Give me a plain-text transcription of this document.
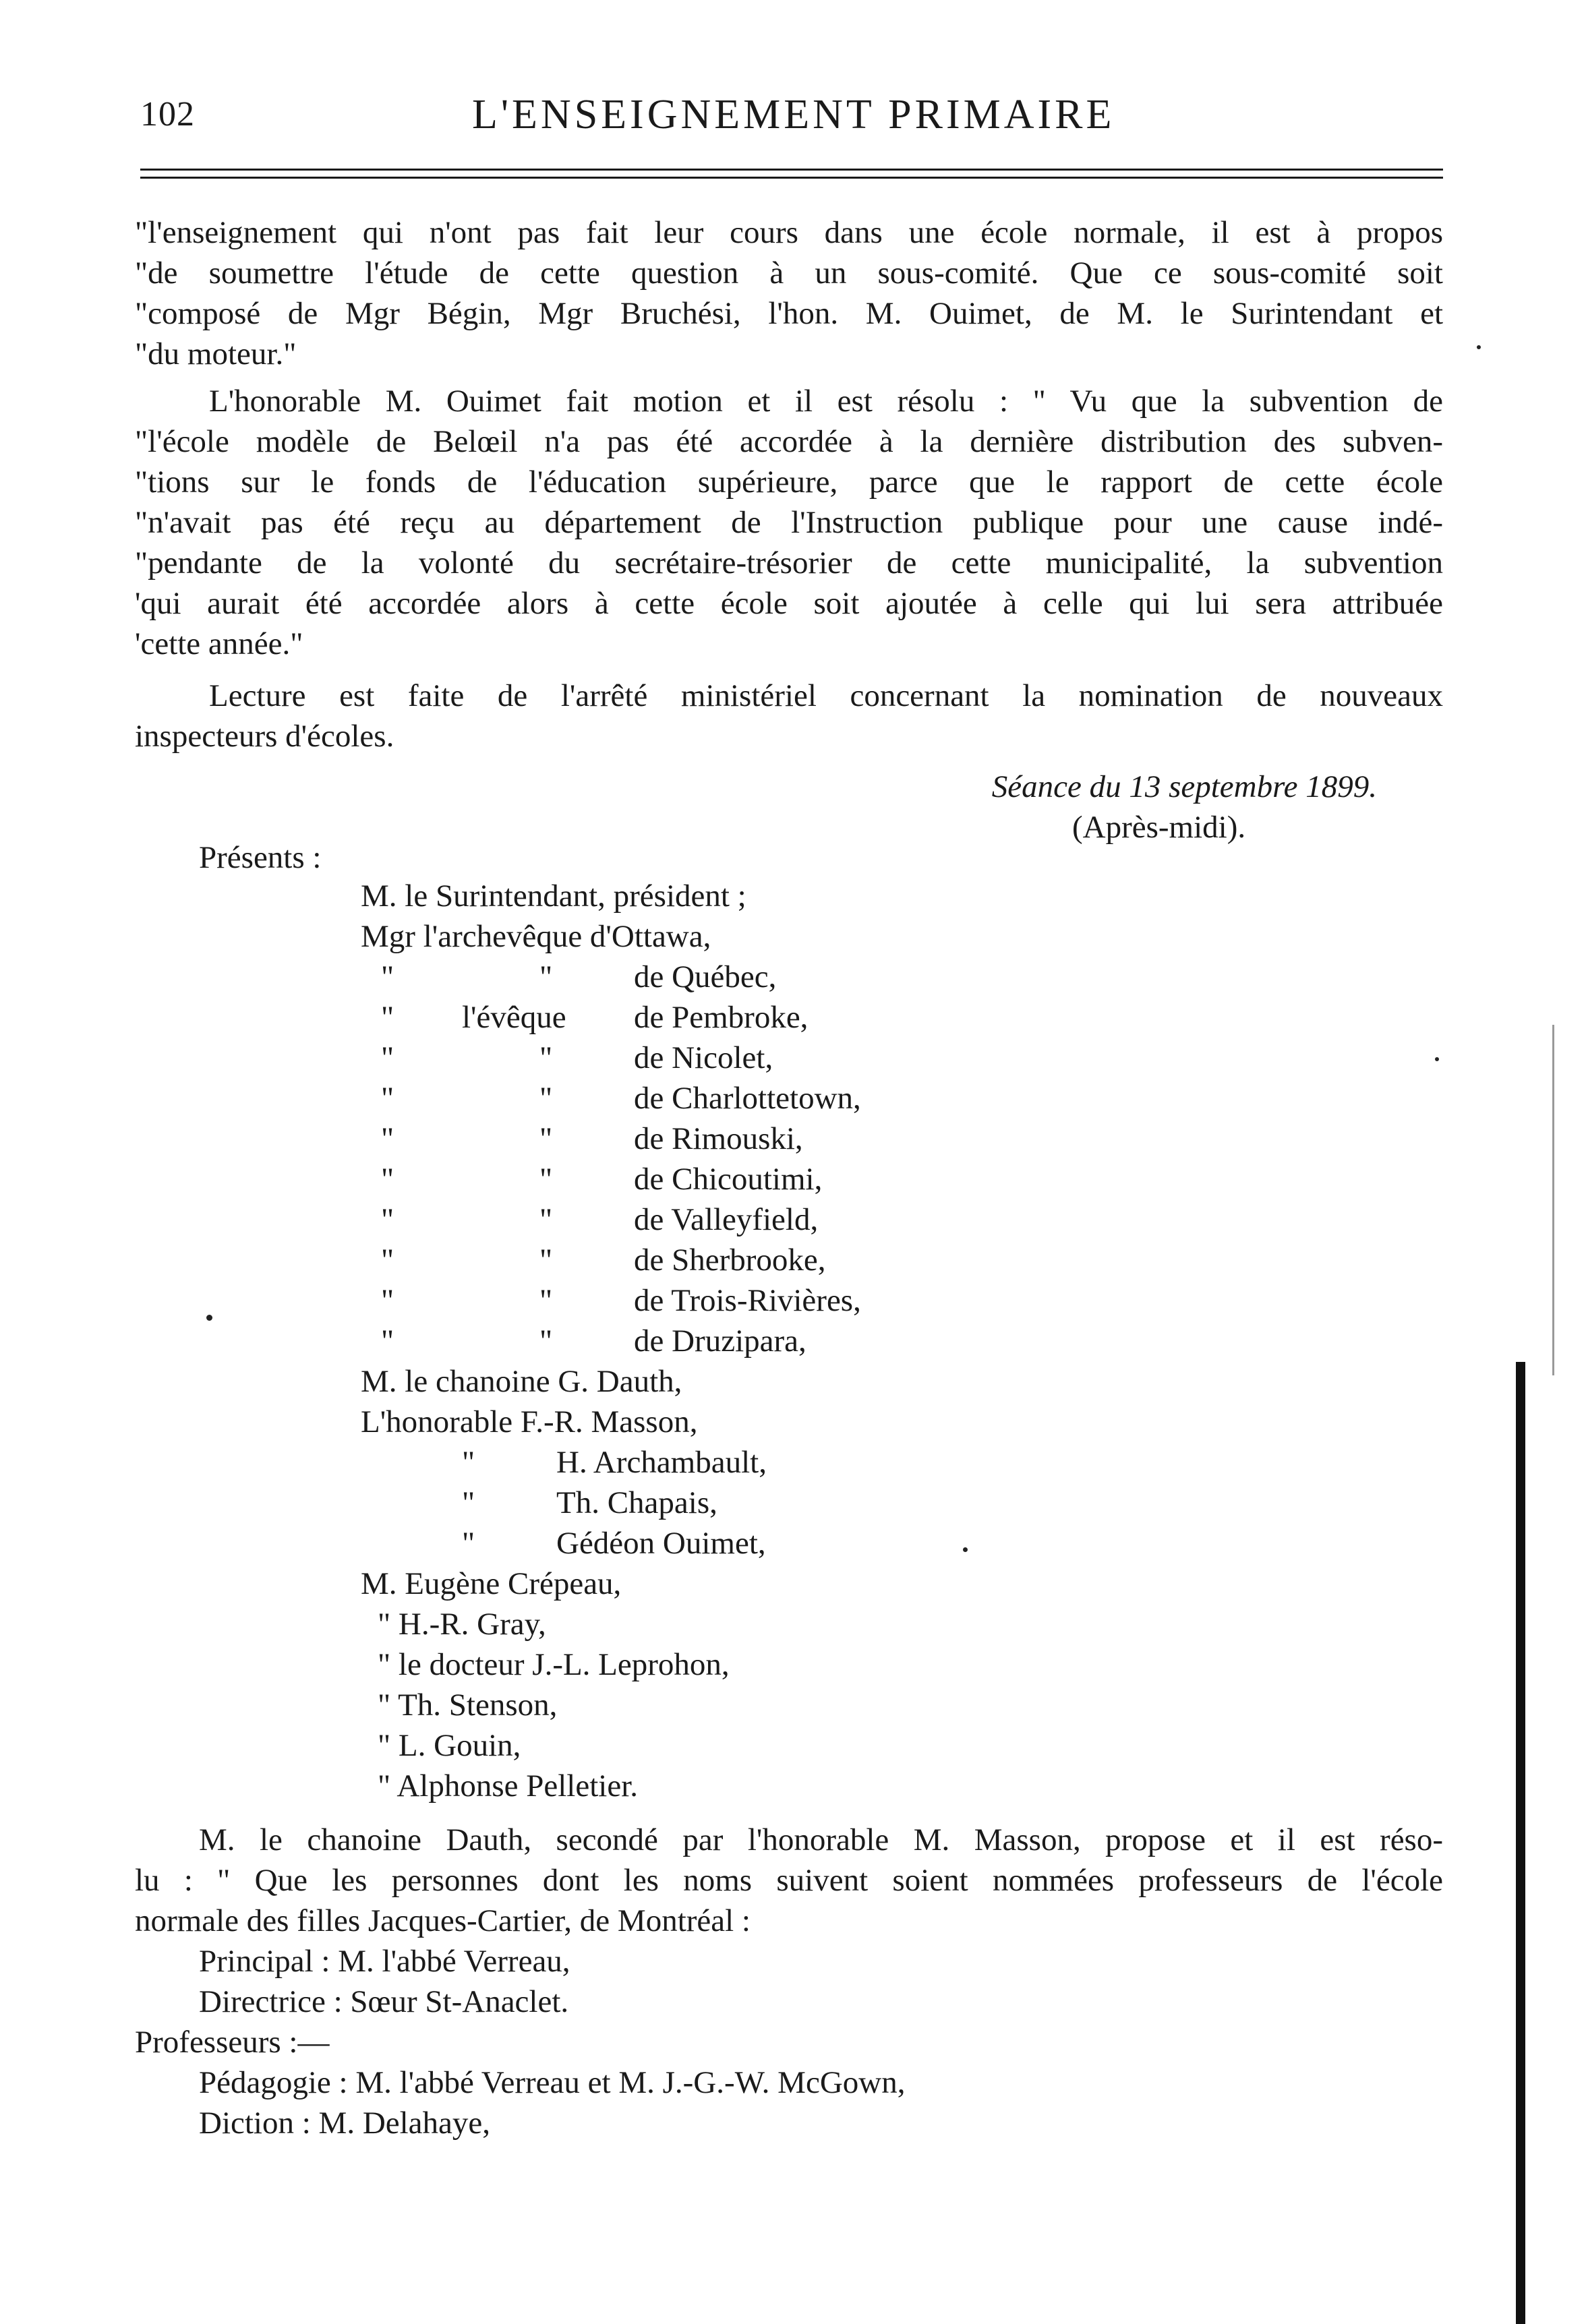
102	L'ENSEIGNEMENT PRIMAIRE
"l'enseignement qui n'ont pas fait leur cours dans une école normale, il est à propos
"de soumettre l'étude de cette question à un sous-comité. Que ce sous-comité soit
"composé de Mgr Bégin, Mgr Bruchési, l'hon. M. Ouimet, de M. le Surintendant et
"du moteur."
L'honorable M. Ouimet fait motion et il est résolu : " Vu que la subvention de
"l'école modèle de Belœil n'a pas été accordée à la dernière distribution des subven-
"tions sur le fonds de l'éducation supérieure, parce que le rapport de cette école
"n'avait pas été reçu au département de l'Instruction publique pour une cause indé-
"pendante de la volonté du secrétaire-trésorier de cette municipalité, la subvention
'qui aurait été accordée alors à cette école soit ajoutée à celle qui lui sera attribuée
'cette année."
Lecture est faite de l'arrêté ministériel concernant la nomination de nouveaux
inspecteurs d'écoles.
Séance du 13 septembre 1899.
(Après-midi).
Présents :
M. le Surintendant, président ;
Mgr l'archevêque d'Ottawa,
"	"	de Québec,
" l'évêque de Pembroke,
"	"	de Nicolet,
"	"	de Charlottetown,
"	"	de Rimouski,
"	"	de Chicoutimi,
"	"	de Valleyfield,
"	"	de Sherbrooke,
"	"	de Trois-Rivières,
"	"	de Druzipara,
M. le chanoine G. Dauth,
L'honorable F.-R. Masson,
"	H. Archambault,
"	Th. Chapais,
"	Gédéon Ouimet,
M. Eugène Crépeau,
" H.-R. Gray,
" le docteur J.-L. Leprohon,
" Th. Stenson,
" L. Gouin,
" Alphonse Pelletier.
M. le chanoine Dauth, secondé par l'honorable M. Masson, propose et il est réso-
lu : " Que les personnes dont les noms suivent soient nommées professeurs de l'école
normale des filles Jacques-Cartier, de Montréal :
Principal : M. l'abbé Verreau,
Directrice : Sœur St-Anaclet.
Professeurs :—
Pédagogie : M. l'abbé Verreau et M. J.-G.-W. McGown,
Diction : M. Delahaye,
